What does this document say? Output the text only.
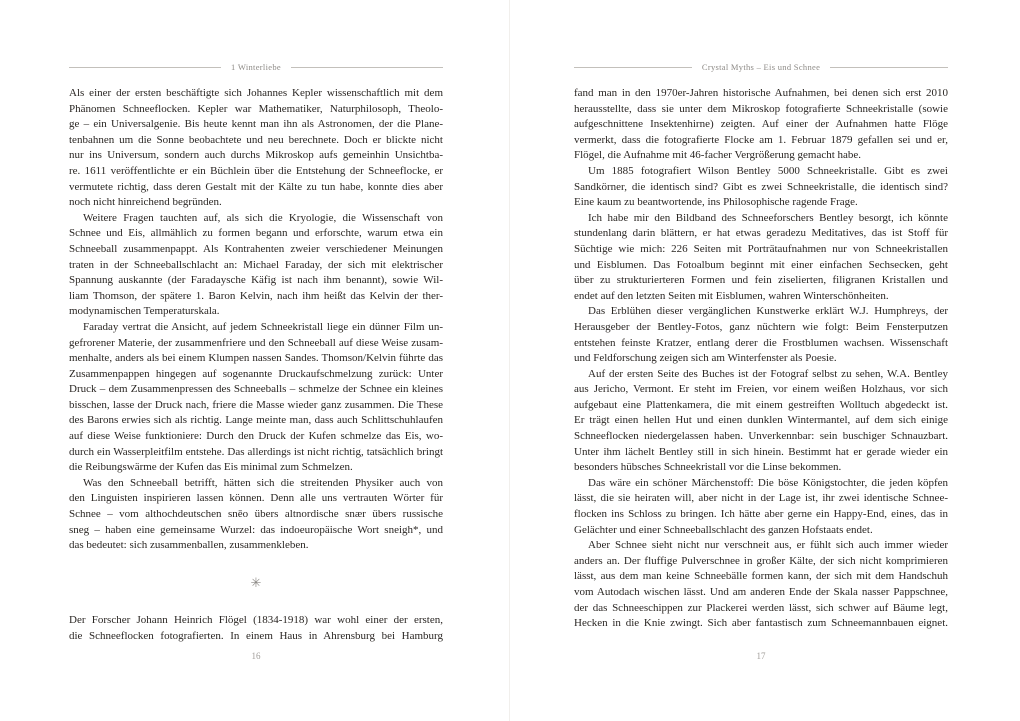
1 Winterliebe
Als einer der ersten beschäftigte sich Johannes Kepler wissenschaftlich mit dem
Phänomen Schneeflocken. Kepler war Mathematiker, Naturphilosoph, Theolo-
ge – ein Universalgenie. Bis heute kennt man ihn als Astronomen, der die Plane-
tenbahnen um die Sonne beobachtete und neu berechnete. Doch er blickte nicht
nur ins Universum, sondern auch durchs Mikroskop aufs gemeinhin Unsichtba-
re. 1611 veröffentlichte er ein Büchlein über die Entstehung der Schneeflocke, er
vermutete richtig, dass deren Gestalt mit der Kälte zu tun habe, konnte dies aber
noch nicht hinreichend begründen.
Weitere Fragen tauchten auf, als sich die Kryologie, die Wissenschaft von
Schnee und Eis, allmählich zu formen begann und erforschte, warum etwa ein
Schneeball zusammenpappt. Als Kontrahenten zweier verschiedener Meinungen
traten in der Schneeballschlacht an: Michael Faraday, der sich mit elektrischer
Spannung auskannte (der Faradaysche Käfig ist nach ihm benannt), sowie Wil-
liam Thomson, der spätere 1. Baron Kelvin, nach ihm heißt das Kelvin der ther-
modynamischen Temperaturskala.
Faraday vertrat die Ansicht, auf jedem Schneekristall liege ein dünner Film un-
gefrorener Materie, der zusammenfriere und den Schneeball auf diese Weise zusam-
menhalte, anders als bei einem Klumpen nassen Sandes. Thomson/Kelvin führte das
Zusammenpappen hingegen auf sogenannte Druckaufschmelzung zurück: Unter
Druck – dem Zusammenpressen des Schneeballs – schmelze der Schnee ein kleines
bisschen, lasse der Druck nach, friere die Masse wieder ganz zusammen. Die These
des Barons erwies sich als richtig. Lange meinte man, dass auch Schlittschuhlaufen
auf diese Weise funktioniere: Durch den Druck der Kufen schmelze das Eis, wo-
durch ein Wasserpleitfilm entstehe. Das allerdings ist nicht richtig, tatsächlich bringt
die Reibungswärme der Kufen das Eis minimal zum Schmelzen.
Was den Schneeball betrifft, hätten sich die streitenden Physiker auch von
den Linguisten inspirieren lassen können. Denn alle uns vertrauten Wörter für
Schnee – vom althochdeutschen snēo übers altnordische snær übers russische
sneg – haben eine gemeinsame Wurzel: das indoeuropäische Wort sneigh*, und
das bedeutet: sich zusammenballen, zusammenkleben.
✳
Der Forscher Johann Heinrich Flögel (1834-1918) war wohl einer der ersten,
die Schneeflocken fotografierten. In einem Haus in Ahrensburg bei Hamburg
16
Crystal Myths – Eis und Schnee
fand man in den 1970er-Jahren historische Aufnahmen, bei denen sich erst 2010
herausstellte, dass sie unter dem Mikroskop fotografierte Schneekristalle (sowie
aufgeschnittene Insektenhirne) zeigten. Auf einer der Aufnahmen hatte Flöge
vermerkt, dass die fotografierte Flocke am 1. Februar 1879 gefallen sei und er,
Flögel, die Aufnahme mit 46-facher Vergrößerung gemacht habe.
Um 1885 fotografiert Wilson Bentley 5000 Schneekristalle. Gibt es zwei
Sandkörner, die identisch sind? Gibt es zwei Schneekristalle, die identisch sind?
Eine kaum zu beantwortende, ins Philosophische ragende Frage.
Ich habe mir den Bildband des Schneeforschers Bentley besorgt, ich könnte
stundenlang darin blättern, er hat etwas geradezu Meditatives, das ist Stoff für
Süchtige wie mich: 226 Seiten mit Porträtaufnahmen nur von Schneekristallen
und Eisblumen. Das Fotoalbum beginnt mit einer einfachen Sechsecken, geht
über zu strukturierteren Formen und fein ziselierten, filigranen Kristallen und
endet auf den letzten Seiten mit Eisblumen, wahren Winterschönheiten.
Das Erblühen dieser vergänglichen Kunstwerke erklärt W.J. Humphreys, der
Herausgeber der Bentley-Fotos, ganz nüchtern wie folgt: Beim Fensterputzen
entstehen feinste Kratzer, entlang derer die Frostblumen wachsen. Wissenschaft
und Feldforschung zeigen sich am Winterfenster als Poesie.
Auf der ersten Seite des Buches ist der Fotograf selbst zu sehen, W.A. Bentley
aus Jericho, Vermont. Er steht im Freien, vor einem weißen Holzhaus, vor sich
aufgebaut eine Plattenkamera, die mit einem gestreiften Wolltuch abgedeckt ist.
Er trägt einen hellen Hut und einen dunklen Wintermantel, auf dem sich einige
Schneeflocken niedergelassen haben. Unverkennbar: sein buschiger Schnauzbart.
Unter ihm lächelt Bentley still in sich hinein. Bestimmt hat er gerade wieder ein
besonders hübsches Schneekristall vor die Linse bekommen.
Das wäre ein schöner Märchenstoff: Die böse Königstochter, die jeden köpfen
lässt, die sie heiraten will, aber nicht in der Lage ist, ihr zwei identische Schnee-
flocken ins Schloss zu bringen. Ich hätte aber gerne ein Happy-End, eines, das in
Gelächter und einer Schneeballschlacht des ganzen Hofstaats endet.
Aber Schnee sieht nicht nur verschneit aus, er fühlt sich auch immer wieder
anders an. Der fluffige Pulverschnee in großer Kälte, der sich nicht komprimieren
lässt, aus dem man keine Schneebälle formen kann, der sich mit dem Handschuh
vom Autodach wischen lässt. Und am anderen Ende der Skala nasser Pappschnee,
der das Schneeschippen zur Plackerei werden lässt, sich schwer auf Bäume legt,
Hecken in die Knie zwingt. Sich aber fantastisch zum Schneemannbauen eignet.
17
